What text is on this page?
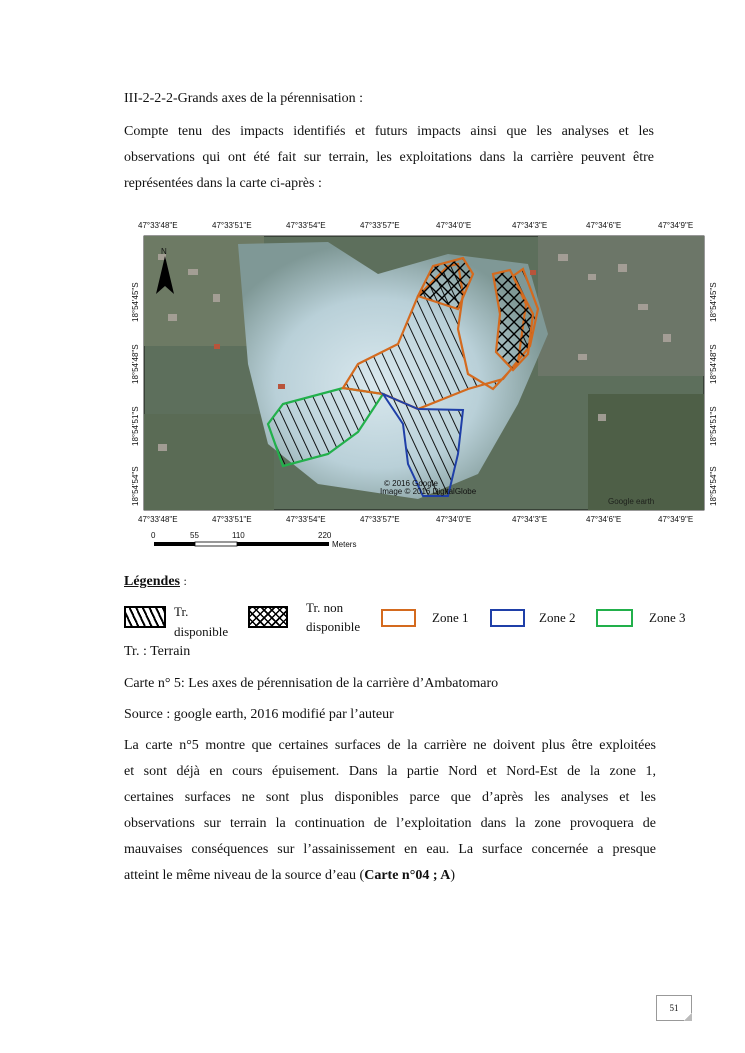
III-2-2-2-Grands axes de la pérennisation :
Compte tenu des impacts identifiés et futurs impacts ainsi que les analyses et les
observations qui ont été fait sur terrain, les exploitations dans la carrière peuvent être
représentées dans la carte ci-après :
N
© 2016 Google
Image © 2016 DigitalGlobe
Google earth
47°33'48"E	47°33'51"E	47°33'54"E	47°33'57"E	47°34'0"E	47°34'3"E	47°34'6"E	47°34'9"E
47°33'48"E	47°33'51"E	47°33'54"E	47°33'57"E	47°34'0"E	47°34'3"E	47°34'6"E	47°34'9"E
18°54'45"S
18°54'48"S
18°54'51"S
18°54'54"S
18°54'45"S
18°54'48"S
18°54'51"S
18°54'54"S
0	55	110	220
Meters
Légendes :
Tr.
disponible
Tr. non
disponible
Zone 1	Zone 2	Zone 3
Tr. : Terrain
Carte n° 5: Les axes de pérennisation de la carrière d’Ambatomaro
Source : google earth, 2016 modifié par l’auteur
La carte n°5 montre que certaines surfaces de la carrière ne doivent plus être exploitées
et sont déjà en cours épuisement. Dans la partie Nord et Nord-Est de la zone 1,
certaines surfaces ne sont plus disponibles parce que d’après les analyses et les
observations sur terrain la continuation de l’exploitation dans la zone provoquera de
mauvaises conséquences sur l’assainissement en eau. La surface concernée a presque
atteint le même niveau de la source d’eau (Carte n°04 ; A)
51
